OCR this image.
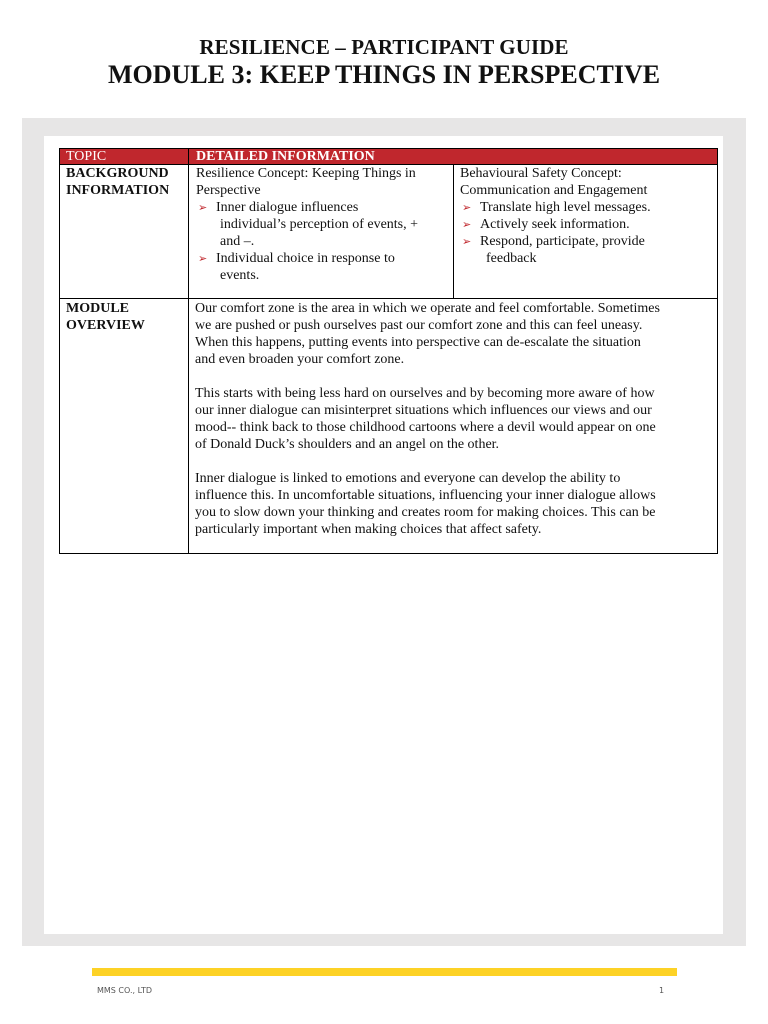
RESILIENCE – PARTICIPANT GUIDE
MODULE 3: KEEP THINGS IN PERSPECTIVE
TOPIC	DETAILED INFORMATION
BACKGROUND
INFORMATION
Resilience Concept: Keeping Things in
Perspective
➢ Inner dialogue influences
individual’s perception of events, +
and –.
➢ Individual choice in response to
events.
Behavioural Safety Concept:
Communication and Engagement
➢ Translate high level messages.
➢ Actively seek information.
➢ Respond, participate, provide
feedback
MODULE
OVERVIEW

Our comfort zone is the area in which we operate and feel comfortable. Sometimes
we are pushed or push ourselves past our comfort zone and this can feel uneasy.
When this happens, putting events into perspective can de-escalate the situation
and even broaden your comfort zone.

This starts with being less hard on ourselves and by becoming more aware of how
our inner dialogue can misinterpret situations which influences our views and our
mood-- think back to those childhood cartoons where a devil would appear on one
of Donald Duck’s shoulders and an angel on the other.

Inner dialogue is linked to emotions and everyone can develop the ability to
influence this. In uncomfortable situations, influencing your inner dialogue allows
you to slow down your thinking and creates room for making choices. This can be
particularly important when making choices that affect safety.

MMS CO., LTD	1
